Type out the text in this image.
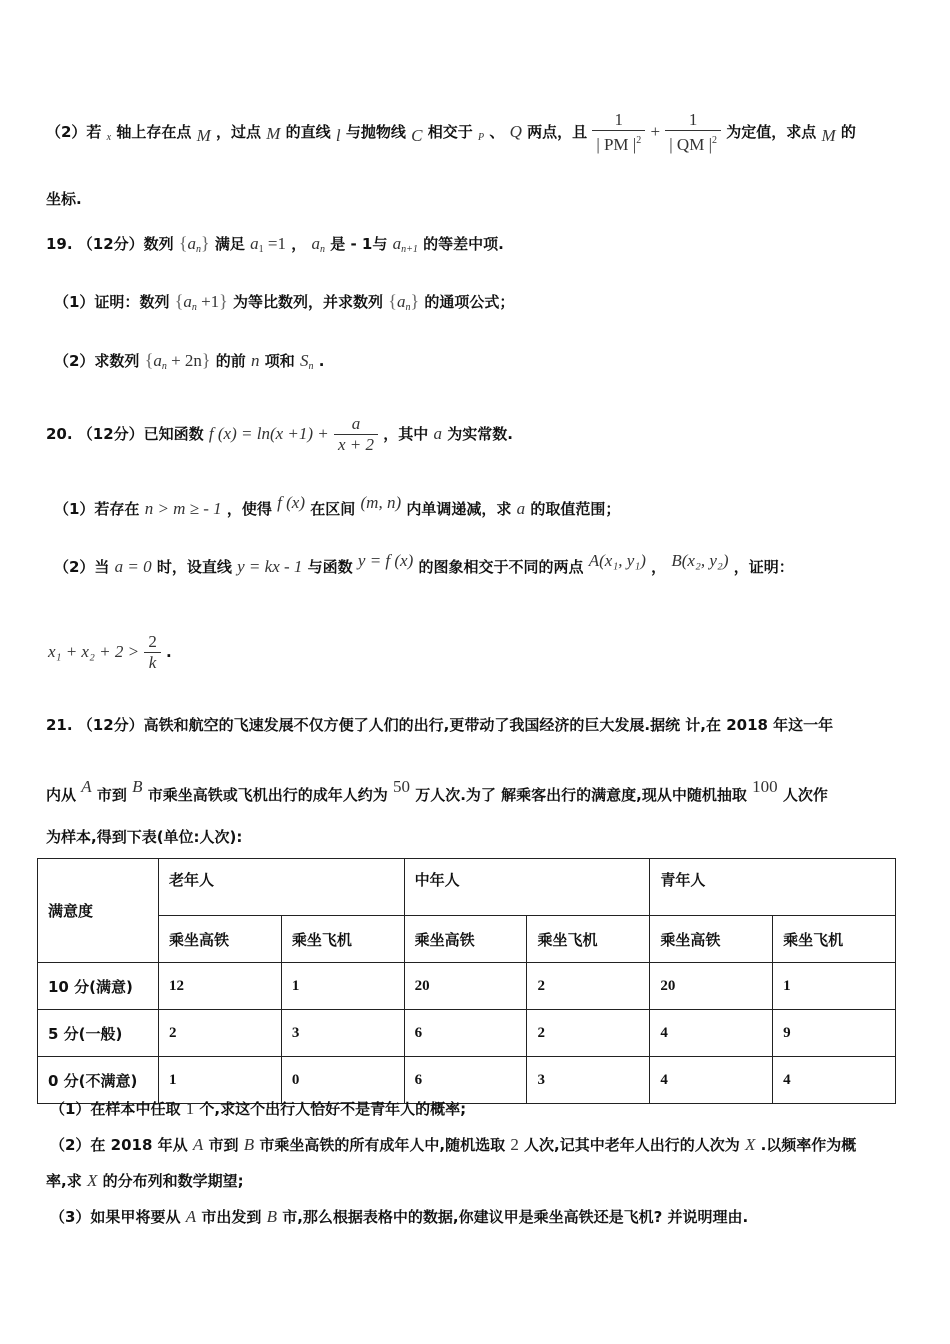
（2）若 $_x$ 轴上存在点 M ，过点 M 的直线 l 与抛物线 C 相交于 $_P$ 、 Q 两点，且 $\frac{1}{| PM |^2} + \frac{1}{| QM |^2}$ 为定值，求点 M 的
坐标.
19. （12分）数列 $\{a_n\}$ 满足 $a_1 =1$ ， $a_n$ 是 - 1与 $a_{n+1}$ 的等差中项.
（1）证明：数列 $\{a_n +1\}$ 为等比数列，并求数列 $\{a_n\}$ 的通项公式；
（2）求数列 $\{a_n + 2n\}$ 的前 n 项和 $S_n$ .
20. （12分）已知函数 f $(x) = \ln(x +1) + \frac{a}{x + 2}$ ，其中 a 为实常数.
（1）若存在 n > m ≥ - 1 ，使得 f (x) 在区间 (m, n) 内单调递减，求 a 的取值范围；
（2）当 a = 0 时，设直线 y = kx - 1 与函数 y = f (x) 的图象相交于不同的两点 A(x₁, y₁) ， B(x₂, y₂) ，证明：
$x_1 + x_2 + 2 > \frac{2}{k}$ .
21. （12分）高铁和航空的飞速发展不仅方便了人们的出行,更带动了我国经济的巨大发展.据统 计,在 2018 年这一年
内从 A 市到 B 市乘坐高铁或飞机出行的成年人约为 50 万人次.为了 解乘客出行的满意度,现从中随机抽取 100 人次作
为样本,得到下表(单位:人次):
满意度	老年人		中年人		青年人	
	乘坐高铁	乘坐飞机	乘坐高铁	乘坐飞机	乘坐高铁	乘坐飞机
10 分(满意)	12	1	20	2	20	1
5 分(一般)	2	3	6	2	4	9
0 分(不满意)	1	0	6	3	4	4
（1）在样本中任取 1 个,求这个出行人恰好不是青年人的概率;
（2）在 2018 年从 A 市到 B 市乘坐高铁的所有成年人中,随机选取 2 人次,记其中老年人出行的人次为 X .以频率作为概
率,求 X 的分布列和数学期望;
（3）如果甲将要从 A 市出发到 B 市,那么根据表格中的数据,你建议甲是乘坐高铁还是飞机? 并说明理由.
